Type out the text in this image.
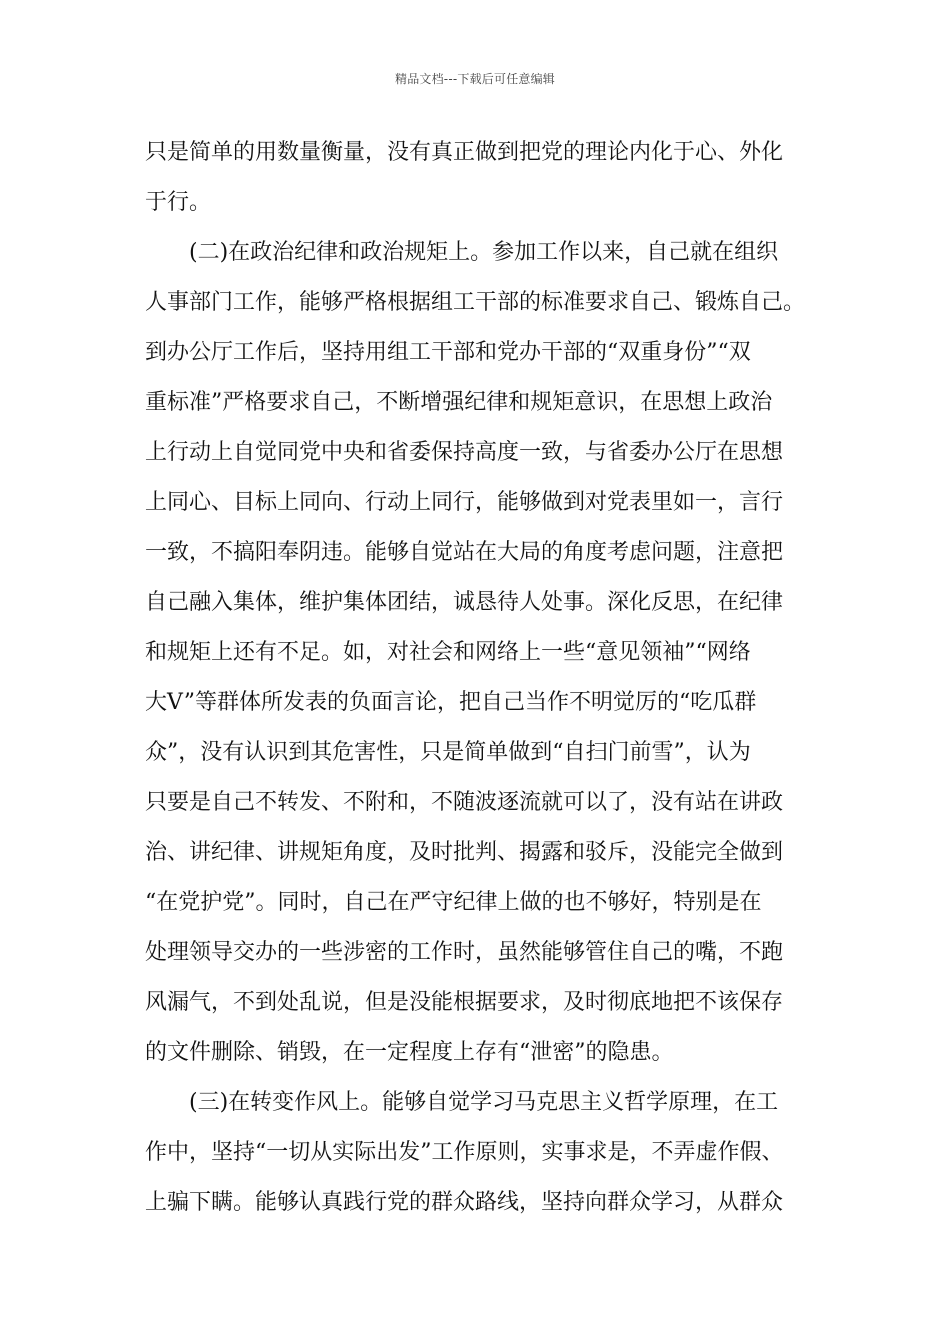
精品文档---下载后可任意编辑
只是简单的用数量衡量，没有真正做到把党的理论内化于心、外化
于行。
(二)在政治纪律和政治规矩上。参加工作以来，自己就在组织
人事部门工作，能够严格根据组工干部的标准要求自己、锻炼自己。
到办公厅工作后，坚持用组工干部和党办干部的“双重身份”“双
重标准”严格要求自己，不断增强纪律和规矩意识，在思想上政治
上行动上自觉同党中央和省委保持高度一致，与省委办公厅在思想
上同心、目标上同向、行动上同行，能够做到对党表里如一，言行
一致，不搞阳奉阴违。能够自觉站在大局的角度考虑问题，注意把
自己融入集体，维护集体团结，诚恳待人处事。深化反思，在纪律
和规矩上还有不足。如，对社会和网络上一些“意见领袖”“网络
大V”等群体所发表的负面言论，把自己当作不明觉厉的“吃瓜群
众”，没有认识到其危害性，只是简单做到“自扫门前雪”，认为
只要是自己不转发、不附和，不随波逐流就可以了，没有站在讲政
治、讲纪律、讲规矩角度，及时批判、揭露和驳斥，没能完全做到
“在党护党”。同时，自己在严守纪律上做的也不够好，特别是在
处理领导交办的一些涉密的工作时，虽然能够管住自己的嘴，不跑
风漏气，不到处乱说，但是没能根据要求，及时彻底地把不该保存
的文件删除、销毁，在一定程度上存有“泄密”的隐患。
(三)在转变作风上。能够自觉学习马克思主义哲学原理，在工
作中，坚持“一切从实际出发”工作原则，实事求是，不弄虚作假、
上骗下瞒。能够认真践行党的群众路线，坚持向群众学习，从群众
